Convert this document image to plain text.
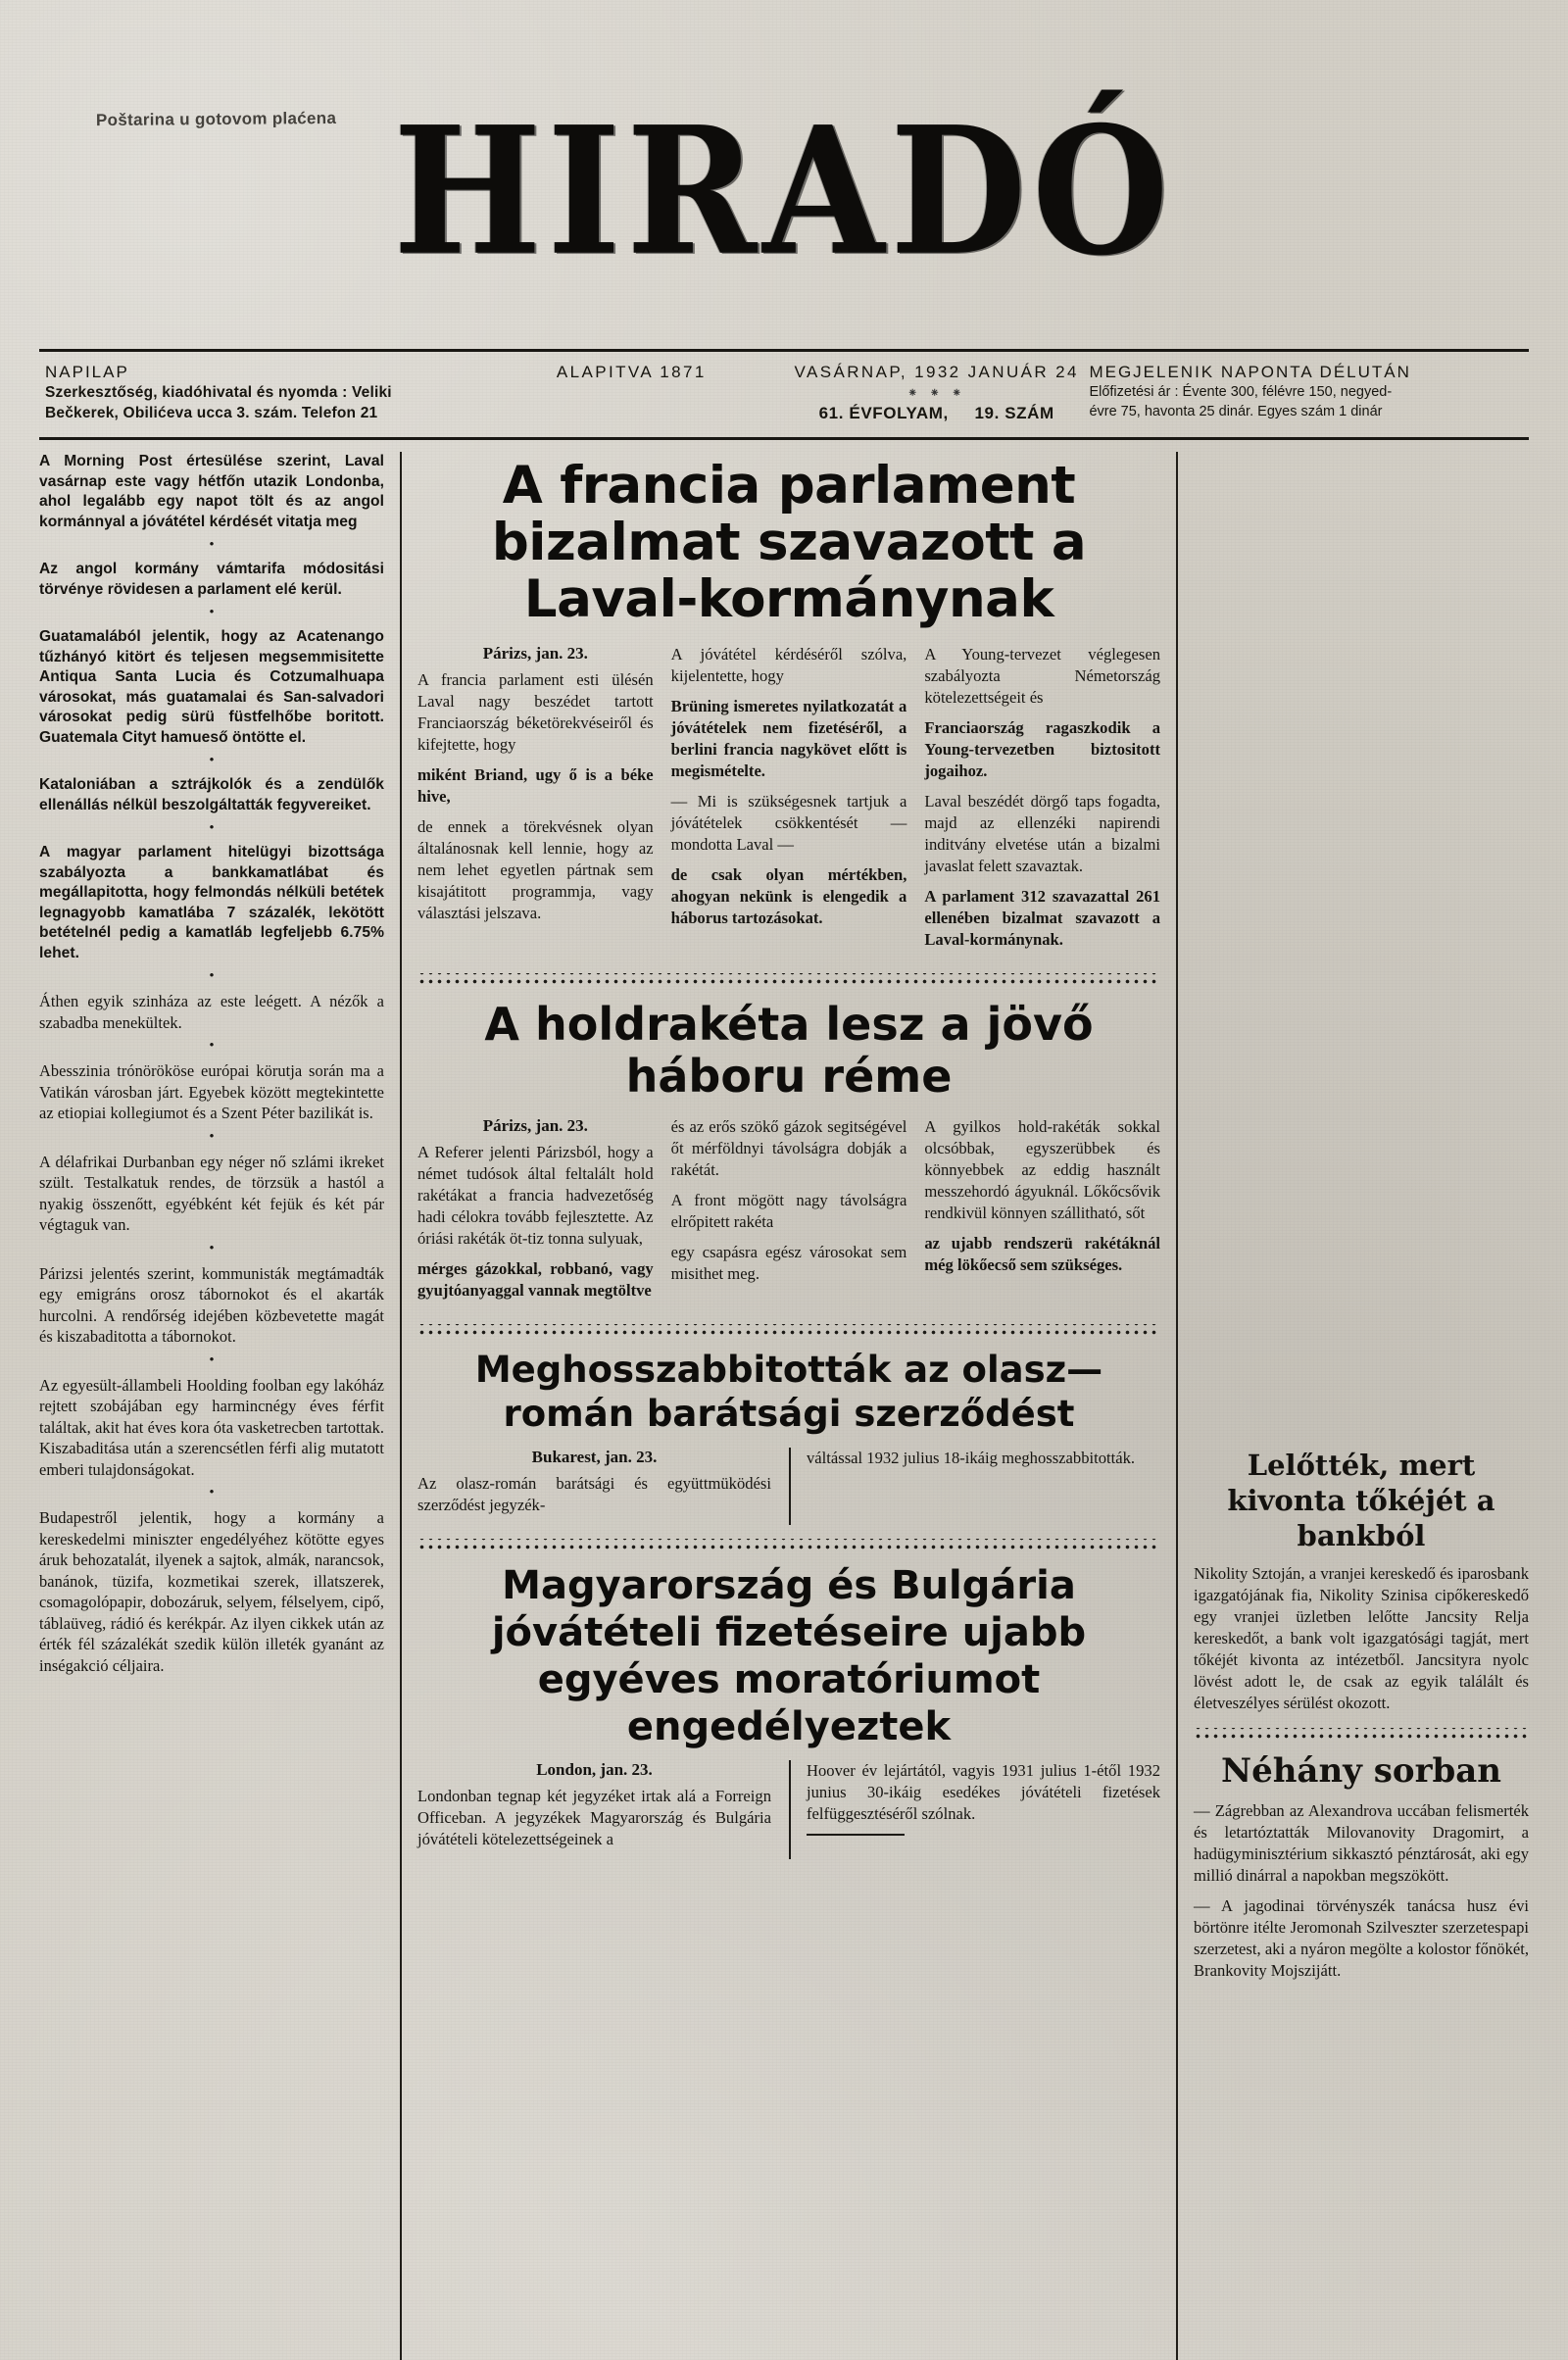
Poštarina u gotovom plaćena HIRADÓ
NAPILAP
Szerkesztőség, kiadóhivatal és nyomda : Veliki
Bečkerek, Obilićeva ucca 3. szám. Telefon 21
ALAPITVA 1871	VASÁRNAP, 1932 JANUÁR 24
⁕ ⁕ ⁕
61. ÉVFOLYAM, 19. SZÁM
MEGJELENIK NAPONTA DÉLUTÁN
Előfizetési ár : Évente 300, félévre 150, negyed-
évre 75, havonta 25 dinár. Egyes szám 1 dinár

A Morning Post értesülése szerint, Laval vasárnap este vagy hétfőn utazik Londonba, ahol legalább egy napot tölt és az angol kormánnyal a jóvátétel kérdését vitatja meg

•

Az angol kormány vámtarifa módositási törvénye rövidesen a parlament elé kerül.

•

Guatamalából jelentik, hogy az Acatenango tűzhányó kitört és teljesen megsemmisitette Antiqua Santa Lucia és Cotzumalhuapa városokat, más guatamalai és San-salvadori városokat pedig sürü füstfelhőbe boritott. Guatemala Cityt hamueső öntötte el.

•

Kataloniában a sztrájkolók és a zendülők ellenállás nélkül beszolgáltatták fegyvereiket.

•

A magyar parlament hitelügyi bizottsága szabályozta a bankkamatlábat és megállapitotta, hogy felmondás nélküli betétek legnagyobb kamatlába 7 százalék, lekötött betételnél pedig a kamatláb legfeljebb 6.75% lehet.

•

Áthen egyik szinháza az este leégett. A nézők a szabadba menekültek.

•

Abesszinia trónörököse európai körutja során ma a Vatikán városban járt. Egyebek között megtekintette az etiopiai kollegiumot és a Szent Péter bazilikát is.

•

A délafrikai Durbanban egy néger nő szlámi ikreket szült. Testalkatuk rendes, de törzsük a hastól a nyakig összenőtt, egyébként két fejük és két pár végtaguk van.

•

Párizsi jelentés szerint, kommunisták megtámadták egy emigráns orosz tábornokot és el akarták hurcolni. A rendőrség idejében közbevetette magát és kiszabaditotta a tábornokot.

•

Az egyesült-állambeli Hoolding foolban egy lakóház rejtett szobájában egy harmincnégy éves férfit találtak, akit hat éves kora óta vasketrecben tartottak. Kiszabaditása után a szerencsétlen férfi alig mutatott emberi tulajdonságokat.

•

Budapestről jelentik, hogy a kormány a kereskedelmi miniszter engedélyéhez kötötte egyes áruk behozatalát, ilyenek a sajtok, almák, narancsok, banánok, tüzifa, kozmetikai szerek, illatszerek, csomagolópapir, dobozáruk, selyem, félselyem, cipő, táblaüveg, rádió és kerékpár. Az ilyen cikkek után az érték fél százalékát szedik külön illeték gyanánt az inségakció céljaira.

A francia parlament bizalmat szavazott a Laval-kormánynak
Párizs, jan. 23.

A francia parlament esti ülésén Laval nagy beszédet tartott Franciaország béketörekvéseiről és kifejtette, hogy

miként Briand, ugy ő is a béke hive,

de ennek a törekvésnek olyan általánosnak kell lennie, hogy az nem lehet egyetlen pártnak sem kisajátitott programmja, vagy választási jelszava.

A jóvátétel kérdéséről szólva, kijelentette, hogy

Brüning ismeretes nyilatkozatát a jóvátételek nem fizetéséről, a berlini francia nagykövet előtt is megismételte.

— Mi is szükségesnek tartjuk a jóvátételek csökkentését — mondotta Laval —

de csak olyan mértékben, ahogyan nekünk is elengedik a háborus tartozásokat.

A Young-tervezet véglegesen szabályozta Németország kötelezettségeit és

Franciaország ragaszkodik a Young-tervezetben biztositott jogaihoz.

Laval beszédét dörgő taps fogadta, majd az ellenzéki napirendi inditvány elvetése után a bizalmi javaslat felett szavaztak.

A parlament 312 szavazattal 261 ellenében bizalmat szavazott a Laval-kormánynak.

A holdrakéta lesz a jövő háboru réme
Párizs, jan. 23.

A Referer jelenti Párizsból, hogy a német tudósok által feltalált hold rakétákat a francia hadvezetőség hadi célokra tovább fejlesztette. Az óriási rakéták öt-tiz tonna sulyuak,

mérges gázokkal, robbanó, vagy gyujtóanyaggal vannak megtöltve

és az erős szökő gázok segitségével őt mérföldnyi távolságra dobják a rakétát.

A front mögött nagy távolságra elrőpitett rakéta

egy csapásra egész városokat sem misithet meg.

A gyilkos hold-rakéták sokkal olcsóbbak, egyszerübbek és könnyebbek az eddig használt messzehordó ágyuknál. Lőkőcsővik rendkivül könnyen szállitható, sőt

az ujabb rendszerü rakétáknál még lökőecső sem szükséges.

Meghosszabbitották az olasz—román barátsági szerződést
Bukarest, jan. 23.

Az olasz-román barátsági és együttmüködési szerződést jegyzék-

váltással 1932 julius 18-ikáig meghosszabbitották.

Magyarország és Bulgária jóvátételi fizetéseire ujabb egyéves moratóriumot engedélyeztek
London, jan. 23.

Londonban tegnap két jegyzéket irtak alá a Forreign Officeban. A jegyzékek Magyarország és Bulgária jóvátételi kötelezettségeinek a

Hoover év lejártától, vagyis 1931 julius 1-étől 1932 junius 30-ikáig esedékes jóvátételi fizetések felfüggesztéséről szólnak.

Lelőtték, mert kivonta tőkéjét a bankból

Nikolity Sztoján, a vranjei kereskedő és iparosbank igazgatójának fia, Nikolity Szinisa cipőkereskedő egy vranjei üzletben lelőtte Jancsity Relja kereskedőt, a bank volt igazgatósági tagját, mert tőkéjét kivonta az intézetből. Jancsityra nyolc lövést adott le, de csak az egyik találált és életveszélyes sérülést okozott.

Néhány sorban

— Zágrebban az Alexandrova uccában felismerték és letartóztatták Milovanovity Dragomirt, a hadügyminisztérium sikkasztó pénztárosát, aki egy millió dinárral a napokban megszökött.

— A jagodinai törvényszék tanácsa husz évi börtönre itélte Jeromonah Szilveszter szerzetespapi szerzetest, aki a nyáron megölte a kolostor főnökét, Brankovity Mojszijátt.
